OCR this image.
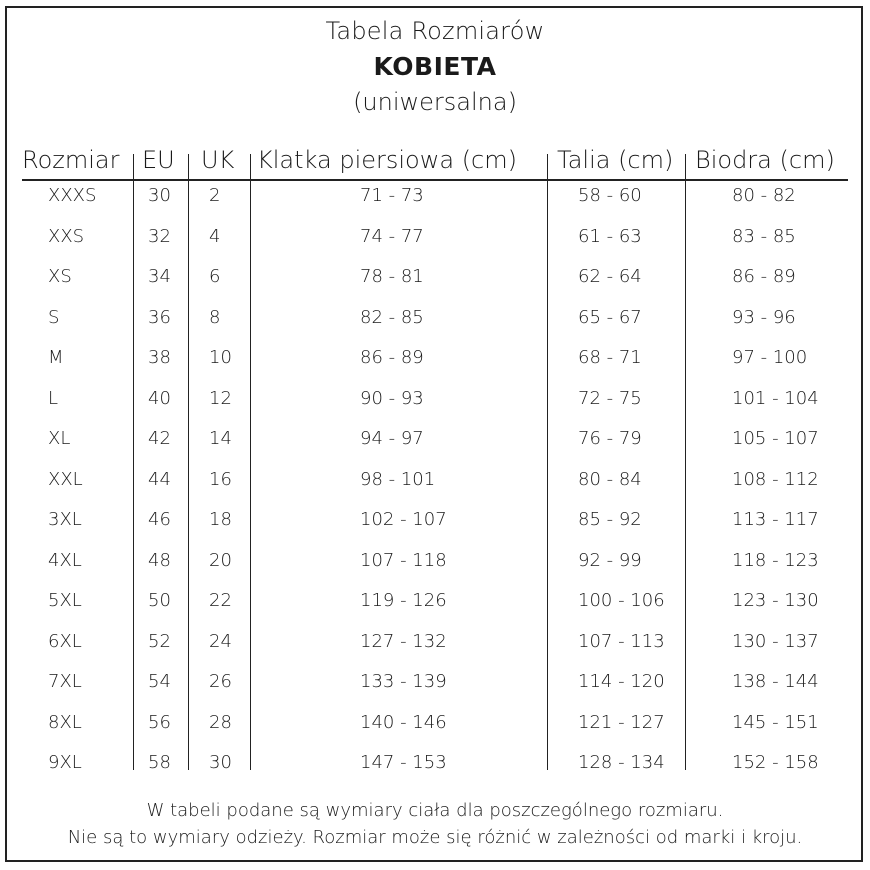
Tabela Rozmiarów
KOBIETA
(uniwersalna)
Rozmiar EU UK Klatka piersiowa (cm) Talia (cm) Biodra (cm)
XXXS	30 2	71 - 73	58 - 60	80 - 82
XXS	32 4	74 - 77	61 - 63	83 - 85
XS	34 6	78 - 81	62 - 64	86 - 89
S	36 8	82 - 85	65 - 67	93 - 96
M	38 10	86 - 89	68 - 71	97 - 100
L	40 12	90 - 93	72 - 75	101 - 104
XL	42 14	94 - 97	76 - 79	105 - 107
XXL	44 16	98 - 101	80 - 84	108 - 112
3XL	46 18	102 - 107	85 - 92	113 - 117
4XL	48 20	107 - 118	92 - 99	118 - 123
5XL	50 22	119 - 126	100 - 106	123 - 130
6XL	52 24	127 - 132	107 - 113	130 - 137
7XL	54 26	133 - 139	114 - 120	138 - 144
8XL	56 28	140 - 146	121 - 127	145 - 151
9XL	58 30	147 - 153	128 - 134	152 - 158
W tabeli podane są wymiary ciała dla poszczególnego rozmiaru.
Nie są to wymiary odzieży. Rozmiar może się różnić w zależności od marki i kroju.
